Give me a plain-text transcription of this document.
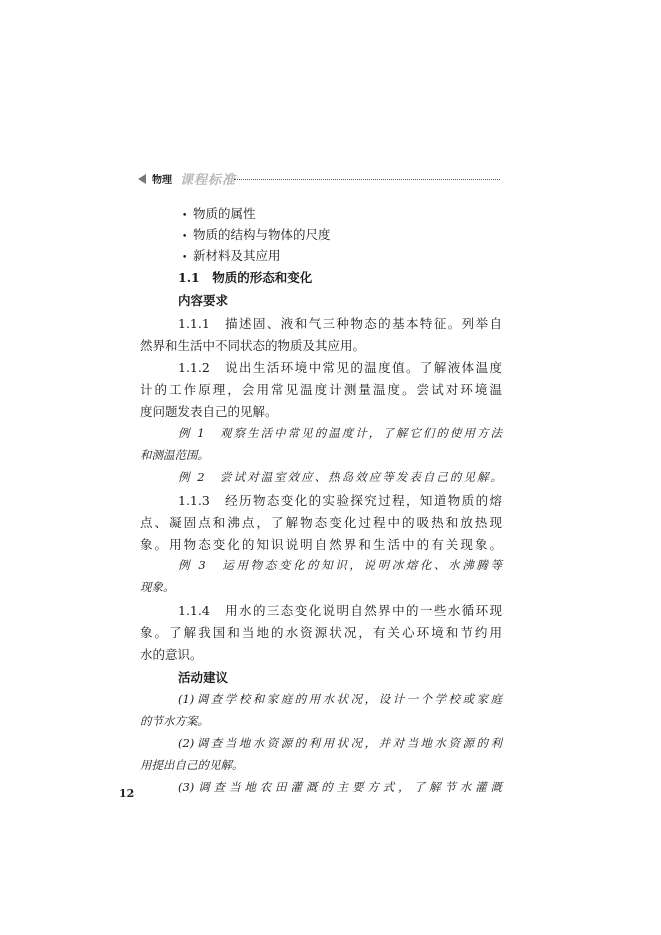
物理 课程标准
• 物质的属性
• 物质的结构与物体的尺度
• 新材料及其应用
1.1　物质的形态和变化
内容要求
1.1.1　描述固、液和气三种物态的基本特征。列举自
然界和生活中不同状态的物质及其应用。
1.1.2　说出生活环境中常见的温度值。了解液体温度
计的工作原理，会用常见温度计测量温度。尝试对环境温
度问题发表自己的见解。
例 1　观察生活中常见的温度计，了解它们的使用方法
和测温范围。
例 2　尝试对温室效应、热岛效应等发表自己的见解。
1.1.3　经历物态变化的实验探究过程，知道物质的熔
点、凝固点和沸点，了解物态变化过程中的吸热和放热现
象。用物态变化的知识说明自然界和生活中的有关现象。
例 3　运用物态变化的知识，说明冰熔化、水沸腾等
现象。
1.1.4　用水的三态变化说明自然界中的一些水循环现
象。了解我国和当地的水资源状况，有关心环境和节约用
水的意识。
活动建议
(1)调查学校和家庭的用水状况，设计一个学校或家庭
的节水方案。
(2)调查当地水资源的利用状况，并对当地水资源的利
用提出自己的见解。
(3)调查当地农田灌溉的主要方式，了解节水灌溉
12
